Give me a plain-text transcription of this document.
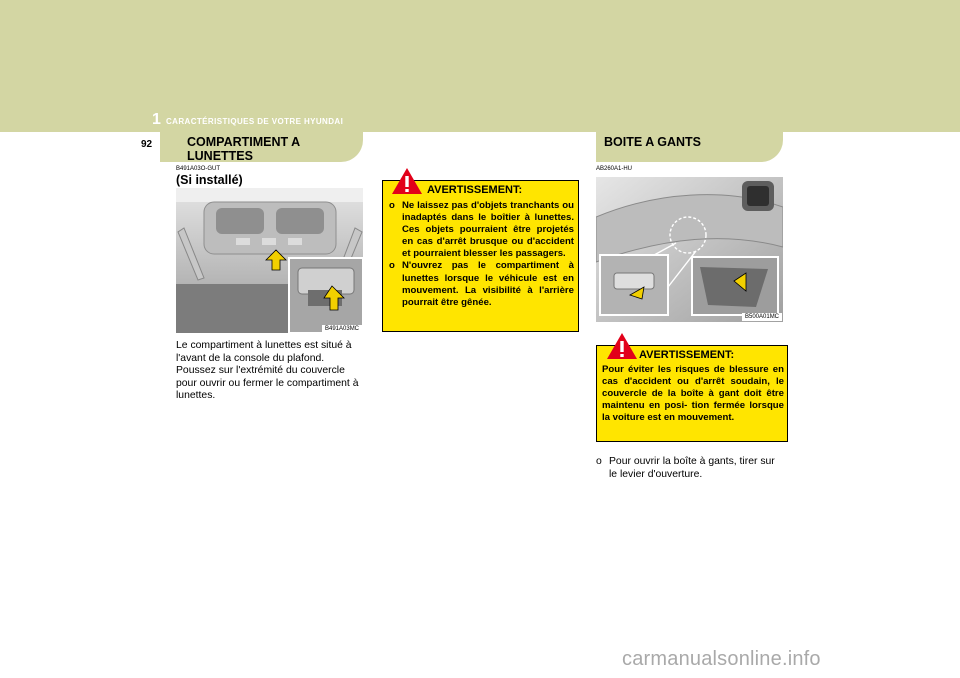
1 CARACTÉRISTIQUES DE VOTRE HYUNDAI
92	COMPARTIMENT A LUNETTES
B491A03O-GUT
(Si installé)
B491A03MC
Le compartiment à lunettes est situé à l'avant de la console du plafond. Poussez sur l'extrémité du couvercle pour ouvrir ou fermer le compartiment à lunettes.
AVERTISSEMENT:
o Ne laissez pas d'objets tranchants ou inadaptés dans le boîtier à lunettes. Ces objets pourraient être projetés en cas d'arrêt brusque ou d'accident et pourraient blesser les passagers.
o N'ouvrez pas le compartiment à lunettes lorsque le véhicule est en mouvement. La visibilité à l'arrière pourrait être gênée.
BOITE A GANTS
AB260A1-HU
B500A01MC
AVERTISSEMENT:
Pour éviter les risques de blessure en cas d'accident ou d'arrêt soudain, le couvercle de la boîte à gant doit être maintenu en posi- tion fermée lorsque la voiture est en mouvement.
o Pour ouvrir la boîte à gants, tirer sur le levier d'ouverture.
carmanualsonline.info
